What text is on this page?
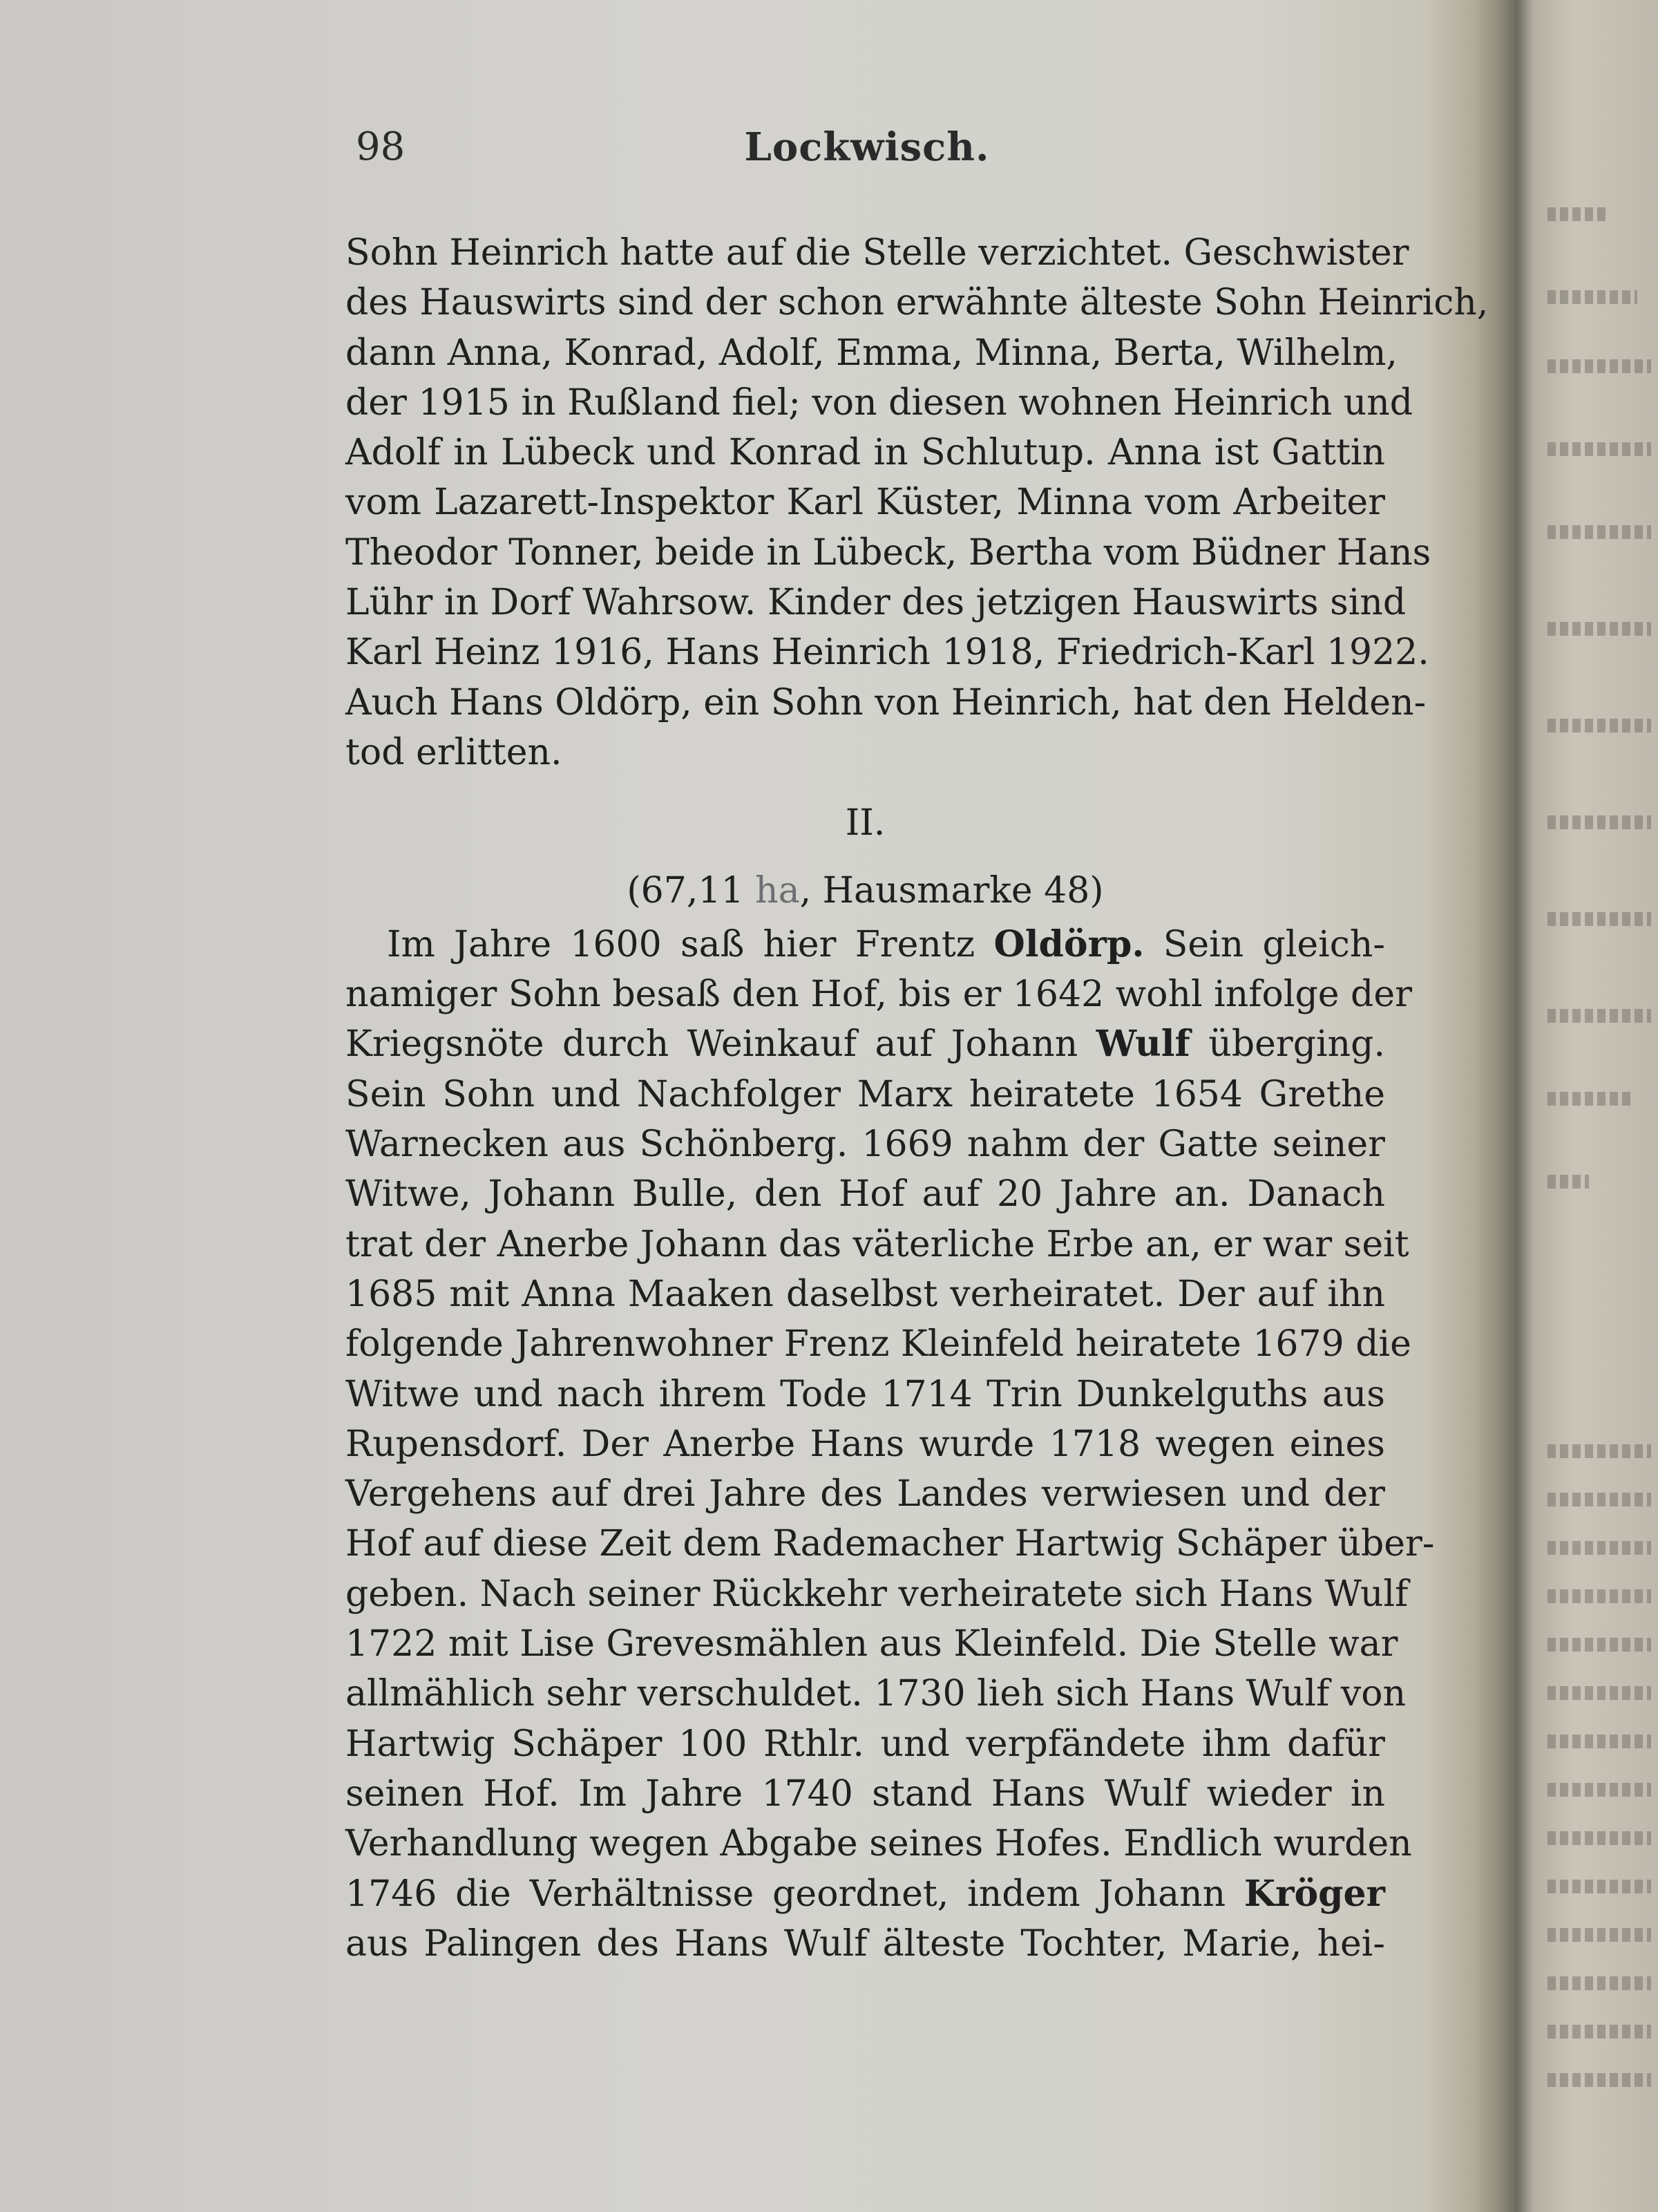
98	Lockwisch.
Sohn Heinrich hatte auf die Stelle verzichtet. Geschwister
des Hauswirts sind der schon erwähnte älteste Sohn Heinrich,
dann Anna, Konrad, Adolf, Emma, Minna, Berta, Wilhelm,
der 1915 in Rußland fiel; von diesen wohnen Heinrich und
Adolf in Lübeck und Konrad in Schlutup. Anna ist Gattin
vom Lazarett-Inspektor Karl Küster, Minna vom Arbeiter
Theodor Tonner, beide in Lübeck, Bertha vom Büdner Hans
Lühr in Dorf Wahrsow. Kinder des jetzigen Hauswirts sind
Karl Heinz 1916, Hans Heinrich 1918, Friedrich-Karl 1922.
Auch Hans Oldörp, ein Sohn von Heinrich, hat den Helden-
tod erlitten.
II.
(67,11 ha, Hausmarke 48)
Im Jahre 1600 saß hier Frentz Oldörp. Sein gleich-
namiger Sohn besaß den Hof, bis er 1642 wohl infolge der
Kriegsnöte durch Weinkauf auf Johann Wulf überging.
Sein Sohn und Nachfolger Marx heiratete 1654 Grethe
Warnecken aus Schönberg. 1669 nahm der Gatte seiner
Witwe, Johann Bulle, den Hof auf 20 Jahre an. Danach
trat der Anerbe Johann das väterliche Erbe an, er war seit
1685 mit Anna Maaken daselbst verheiratet. Der auf ihn
folgende Jahrenwohner Frenz Kleinfeld heiratete 1679 die
Witwe und nach ihrem Tode 1714 Trin Dunkelguths aus
Rupensdorf. Der Anerbe Hans wurde 1718 wegen eines
Vergehens auf drei Jahre des Landes verwiesen und der
Hof auf diese Zeit dem Rademacher Hartwig Schäper über-
geben. Nach seiner Rückkehr verheiratete sich Hans Wulf
1722 mit Lise Grevesmählen aus Kleinfeld. Die Stelle war
allmählich sehr verschuldet. 1730 lieh sich Hans Wulf von
Hartwig Schäper 100 Rthlr. und verpfändete ihm dafür
seinen Hof. Im Jahre 1740 stand Hans Wulf wieder in
Verhandlung wegen Abgabe seines Hofes. Endlich wurden
1746 die Verhältnisse geordnet, indem Johann Kröger
aus Palingen des Hans Wulf älteste Tochter, Marie, hei-
